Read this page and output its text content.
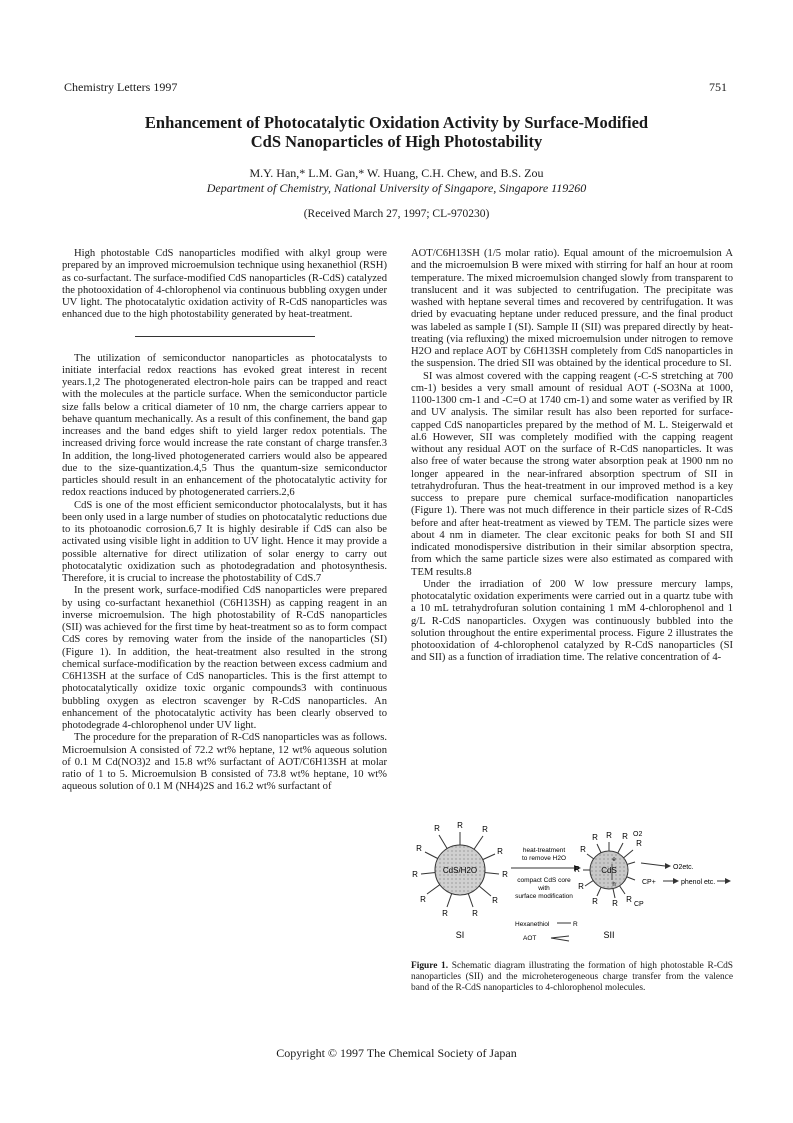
Chemistry Letters 1997	751
Enhancement of Photocatalytic Oxidation Activity by Surface-Modified
CdS Nanoparticles of High Photostability
M.Y. Han,* L.M. Gan,* W. Huang, C.H. Chew, and B.S. Zou
Department of Chemistry, National University of Singapore, Singapore 119260
(Received March 27, 1997; CL-970230)

High photostable CdS nanoparticles modified with alkyl group were prepared by an improved microemulsion technique using hexanethiol (RSH) as co-surfactant. The surface-modified CdS nanoparticles (R-CdS) catalyzed the photooxidation of 4-chlorophenol via continuous bubbling oxygen under UV light. The photocatalytic oxidation activity of R-CdS nanoparticles was enhanced due to the high photostability generated by heat-treatment.

The utilization of semiconductor nanoparticles as photocatalysts to initiate interfacial redox reactions has evoked great interest in recent years.1,2 The photogenerated electron-hole pairs can be trapped and react with the molecules at the particle surface. When the semiconductor particle size falls below a critical diameter of 10 nm, the charge carriers appear to behave quantum mechanically. As a result of this confinement, the band gap increases and the band edges shift to yield larger redox potentials. The increased driving force would increase the rate constant of charge transfer.3 In addition, the long-lived photogenerated carriers would also be appeared due to the size-quantization.4,5 Thus the quantum-size semiconductor particles should result in an enhancement of the photocatalytic activity for redox reactions induced by photogenerated carriers.2,6

CdS is one of the most efficient semiconductor photocalalysts, but it has been only used in a large number of studies on photocatalytic reductions due to its photoanodic corrosion.6,7 It is highly desirable if CdS can also be activated using visible light in addition to UV light. Hence it may provide a possible alternative for direct utilization of solar energy to carry out photocatalytic oxidization such as photodegradation and photosynthesis. Therefore, it is crucial to increase the photostability of CdS.7

In the present work, surface-modified CdS nanoparticles were prepared by using co-surfactant hexanethiol (C6H13SH) as capping reagent in an inverse microemulsion. The high photostability of R-CdS nanoparticles (SII) was achieved for the first time by heat-treatment so as to form compact CdS cores by removing water from the inside of the nanoparticles (SI) (Figure 1). In addition, the heat-treatment also resulted in the strong chemical surface-modification by the reaction between excess cadmium and C6H13SH at the surface of CdS nanoparticles. This is the first attempt to photocatalytically oxidize toxic organic compounds3 with continuous bubbling oxygen as electron scavenger by R-CdS nanoparticles. An enhancement of the photocatalytic activity has been clearly observed to photodegrade 4-chlorophenol under UV light.

The procedure for the preparation of R-CdS nanoparticles was as follows. Microemulsion A consisted of 72.2 wt% heptane, 12 wt% aqueous solution of 0.1 M Cd(NO3)2 and 15.8 wt% surfactant of AOT/C6H13SH at molar ratio of 1 to 5. Microemulsion B consisted of 73.8 wt% heptane, 10 wt% aqueous solution of 0.1 M (NH4)2S and 16.2 wt% surfactant of

AOT/C6H13SH (1/5 molar ratio). Equal amount of the microemulsion A and the microemulsion B were mixed with stirring for half an hour at room temperature. The mixed microemulsion changed slowly from transparent to translucent and it was subjected to centrifugation. The precipitate was washed with heptane several times and recovered by centrifugation. It was dried by evacuating heptane under reduced pressure, and the final product was labeled as sample I (SI). Sample II (SII) was prepared directly by heat-treating (via refluxing) the mixed microemulsion under nitrogen to remove H2O and replace AOT by C6H13SH completely from CdS nanoparticles in the suspension. The dried SII was obtained by the identical procedure to SI.

SI was almost covered with the capping reagent (-C-S stretching at 700 cm-1) besides a very small amount of residual AOT (-SO3Na at 1000, 1100-1300 cm-1 and -C=O at 1740 cm-1) and some water as verified by IR and UV analysis. The similar result has also been reported for surface-capped CdS nanoparticles prepared by the method of M. L. Steigerwald et al.6 However, SII was completely modified with the capping reagent without any residual AOT on the surface of R-CdS nanoparticles. It was also free of water because the strong water absorption peak at 1900 nm no longer appeared in the near-infrared absorption spectrum of SII in tetrahydrofuran. Thus the heat-treatment in our improved method is a key success to prepare pure chemical surface-modification nanoparticles (Figure 1). There was not much difference in their particle sizes of R-CdS before and after heat-treatment as viewed by TEM. The particle sizes were about 4 nm in diameter. The clear excitonic peaks for both SI and SII indicated monodispersive distribution in their similar absorption spectra, from which the same particle sizes were also estimated as compared with TEM results.8

Under the irradiation of 200 W low pressure mercury lamps, photocatalytic oxidation experiments were carried out in a quartz tube with a 10 mL tetrahydrofuran solution containing 1 mM 4-chlorophenol and 1 g/L R-CdS nanoparticles. Oxygen was continuously bubbled into the solution throughout the entire experimental process. Figure 2 illustrates the photooxidation of 4-chlorophenol catalyzed by R-CdS nanoparticles (SI and SII) as a function of irradiation time. The relative concentration of 4-

CdS/H2O
R
R	R
R
R
R
R
R	R
R	R
SI
heat-treatment
to remove H2O
compact CdS core
with
surface modification
Hexanethiol	R
AOT
CdS
e
h
R
R	R
R
R
R
R
R R R
O2
CP
O2etc.
CP+	phenol etc.
SII
Figure 1. Schematic diagram illustrating the formation of high photostable R-CdS nanoparticles (SII) and the microheterogeneous charge transfer from the valence band of the R-CdS nanoparticles to 4-chlorophenol molecules.
Copyright © 1997 The Chemical Society of Japan
